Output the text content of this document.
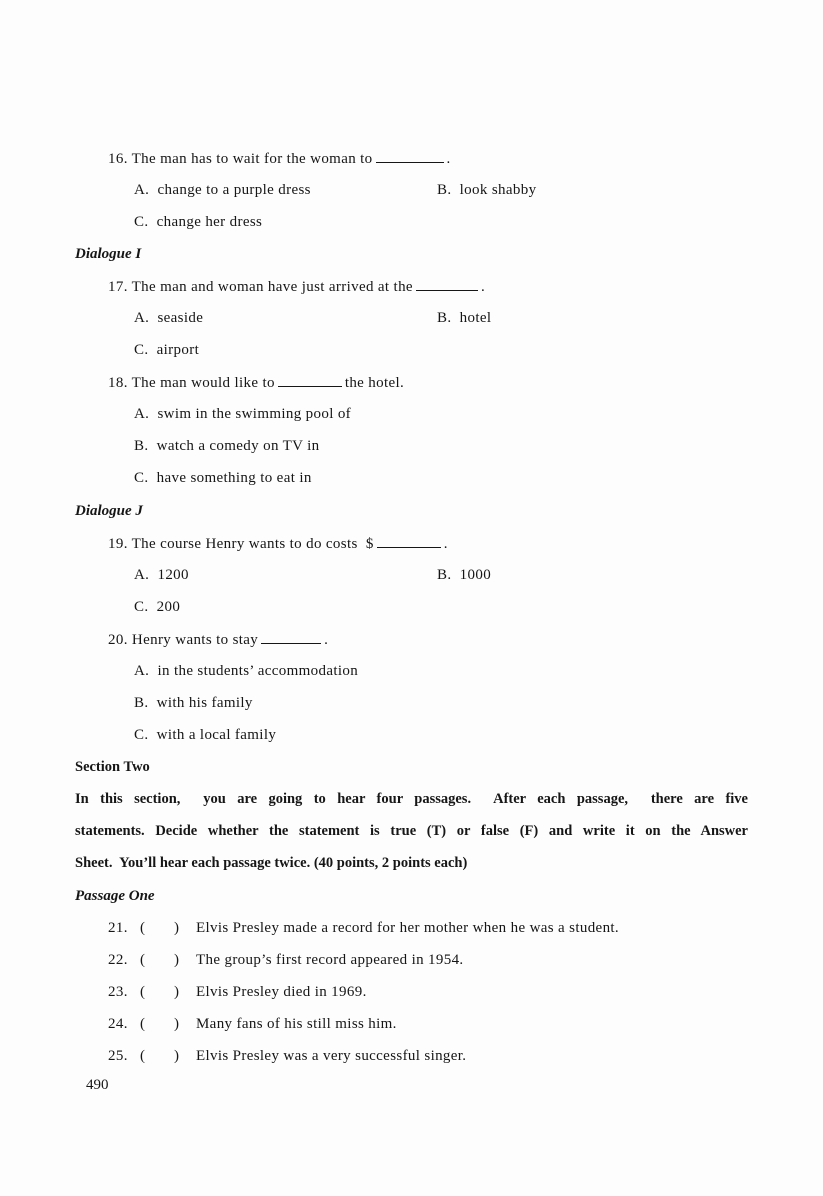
16. The man has to wait for the woman to	.
A.  change to a purple dress	B.  look shabby
C.  change her dress
Dialogue I
17. The man and woman have just arrived at the	.
A.  seaside	B.  hotel
C.  airport
18. The man would like to	the hotel.
A.  swim in the swimming pool of
B.  watch a comedy on TV in
C.  have something to eat in
Dialogue J
19. The course Henry wants to do costs  $	.
A.  1200	B.  1000
C.  200
20. Henry wants to stay	.
A.  in the students’ accommodation
B.  with his family
C.  with a local family
Section Two
In this section,  you are going to hear four passages.  After each passage,  there are five
statements. Decide whether the statement is true (T) or false (F) and write it on the Answer
Sheet.  You’ll hear each passage twice. (40 points, 2 points each)
Passage One
21. (       ) Elvis Presley made a record for her mother when he was a student.
22. (       ) The group’s first record appeared in 1954.
23. (       ) Elvis Presley died in 1969.
24. (       ) Many fans of his still miss him.
25. (       ) Elvis Presley was a very successful singer.
490
